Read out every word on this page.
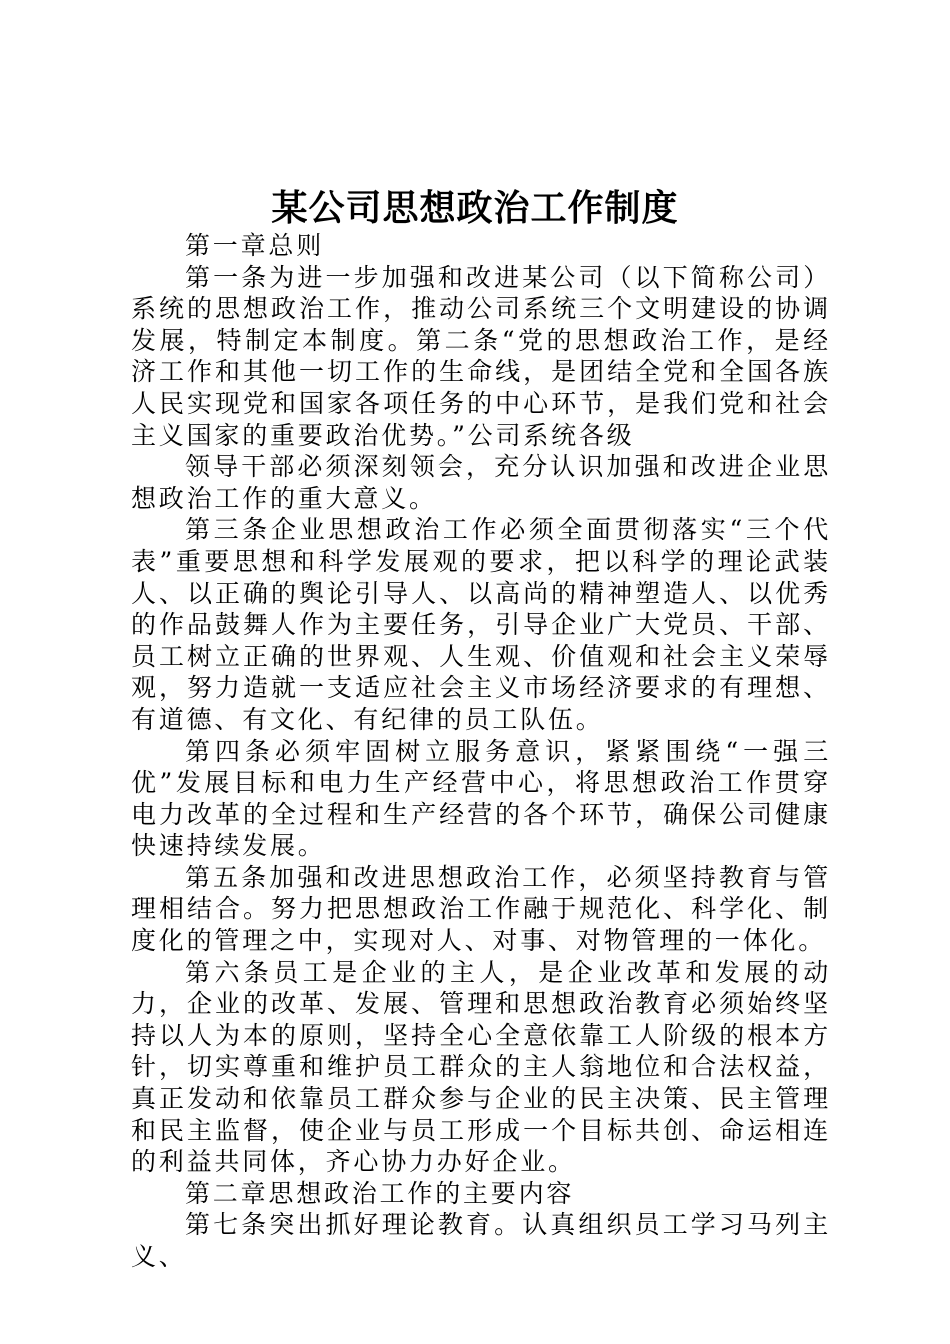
某公司思想政治工作制度

第一章总则

第一条为进一步加强和改进某公司（以下简称公司）系统的思想政治工作，推动公司系统三个文明建设的协调发展，特制定本制度。第二条“党的思想政治工作，是经济工作和其他一切工作的生命线，是团结全党和全国各族人民实现党和国家各项任务的中心环节，是我们党和社会主义国家的重要政治优势。”公司系统各级

领导干部必须深刻领会，充分认识加强和改进企业思想政治工作的重大意义。

第三条企业思想政治工作必须全面贯彻落实“三个代表”重要思想和科学发展观的要求，把以科学的理论武装人、以正确的舆论引导人、以高尚的精神塑造人、以优秀的作品鼓舞人作为主要任务，引导企业广大党员、干部、员工树立正确的世界观、人生观、价值观和社会主义荣辱观，努力造就一支适应社会主义市场经济要求的有理想、有道德、有文化、有纪律的员工队伍。

第四条必须牢固树立服务意识，紧紧围绕“一强三优”发展目标和电力生产经营中心，将思想政治工作贯穿电力改革的全过程和生产经营的各个环节，确保公司健康快速持续发展。

第五条加强和改进思想政治工作，必须坚持教育与管理相结合。努力把思想政治工作融于规范化、科学化、制度化的管理之中，实现对人、对事、对物管理的一体化。

第六条员工是企业的主人，是企业改革和发展的动力，企业的改革、发展、管理和思想政治教育必须始终坚持以人为本的原则，坚持全心全意依靠工人阶级的根本方针，切实尊重和维护员工群众的主人翁地位和合法权益，真正发动和依靠员工群众参与企业的民主决策、民主管理和民主监督，使企业与员工形成一个目标共创、命运相连的利益共同体，齐心协力办好企业。

第二章思想政治工作的主要内容

第七条突出抓好理论教育。认真组织员工学习马列主义、
